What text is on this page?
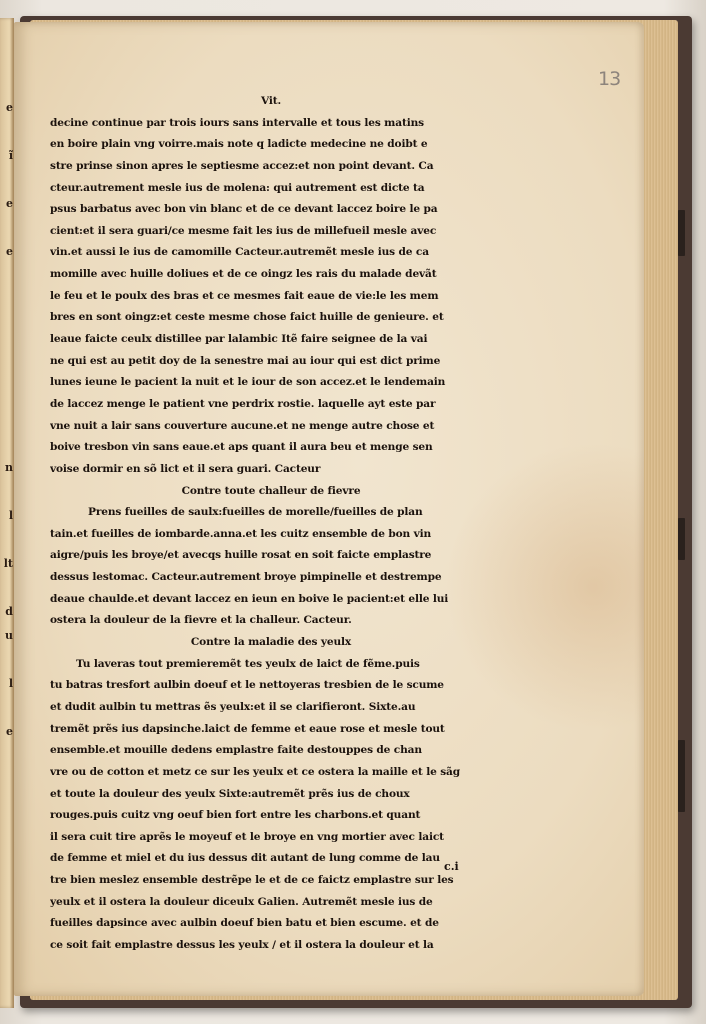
e
ĩ
e
e
n
l
lt
d
u
l
e
13
Vit.
decine continue par trois iours sans intervalle et tous les matins
en boire plain vng voirre.mais note q ladicte medecine ne doibt e
stre prinse sinon apres le septiesme accez:et non point devant. Ca
cteur.autrement mesle ius de molena: qui autrement est dicte ta
psus barbatus avec bon vin blanc et de ce devant laccez boire le pa
cient:et il sera guari/ce mesme fait les ius de millefueil mesle avec
vin.et aussi le ius de camomille Cacteur.autremẽt mesle ius de ca
momille avec huille doliues et de ce oingz les rais du malade devãt
le feu et le poulx des bras et ce mesmes fait eaue de vie:le les mem
bres en sont oingz:et ceste mesme chose faict huille de genieure. et
leaue faicte ceulx distillee par lalambic Itẽ faire seignee de la vai
ne qui est au petit doy de la senestre mai au iour qui est dict prime
lunes ieune le pacient la nuit et le iour de son accez.et le lendemain
de laccez menge le patient vne perdrix rostie. laquelle ayt este par
vne nuit a lair sans couverture aucune.et ne menge autre chose et
boive tresbon vin sans eaue.et aps quant il aura beu et menge sen
voise dormir en sõ lict et il sera guari. Cacteur
Contre toute challeur de fievre
Prens fueilles de saulx:fueilles de morelle/fueilles de plan
tain.et fueilles de iombarde.anna.et les cuitz ensemble de bon vin
aigre/puis les broye/et avecqs huille rosat en soit faicte emplastre
dessus lestomac. Cacteur.autrement broye pimpinelle et destrempe
deaue chaulde.et devant laccez en ieun en boive le pacient:et elle lui
ostera la douleur de la fievre et la challeur. Cacteur.
Contre la maladie des yeulx
Tu laveras tout premieremẽt tes yeulx de laict de fẽme.puis
tu batras tresfort aulbin doeuf et le nettoyeras tresbien de le scume
et dudit aulbin tu mettras ẽs yeulx:et il se clarifieront. Sixte.au
tremẽt prẽs ius dapsinche.laict de femme et eaue rose et mesle tout
ensemble.et mouille dedens emplastre faite destouppes de chan
vre ou de cotton et metz ce sur les yeulx et ce ostera la maille et le sãg
et toute la douleur des yeulx Sixte:autremẽt prẽs ius de choux
rouges.puis cuitz vng oeuf bien fort entre les charbons.et quant
il sera cuit tire aprẽs le moyeuf et le broye en vng mortier avec laict
de femme et miel et du ius dessus dit autant de lung comme de lau
tre bien meslez ensemble destrẽpe le et de ce faictz emplastre sur les
yeulx et il ostera la douleur diceulx Galien. Autremẽt mesle ius de
fueilles dapsince avec aulbin doeuf bien batu et bien escume. et de
ce soit fait emplastre dessus les yeulx / et il ostera la douleur et la
c.i
